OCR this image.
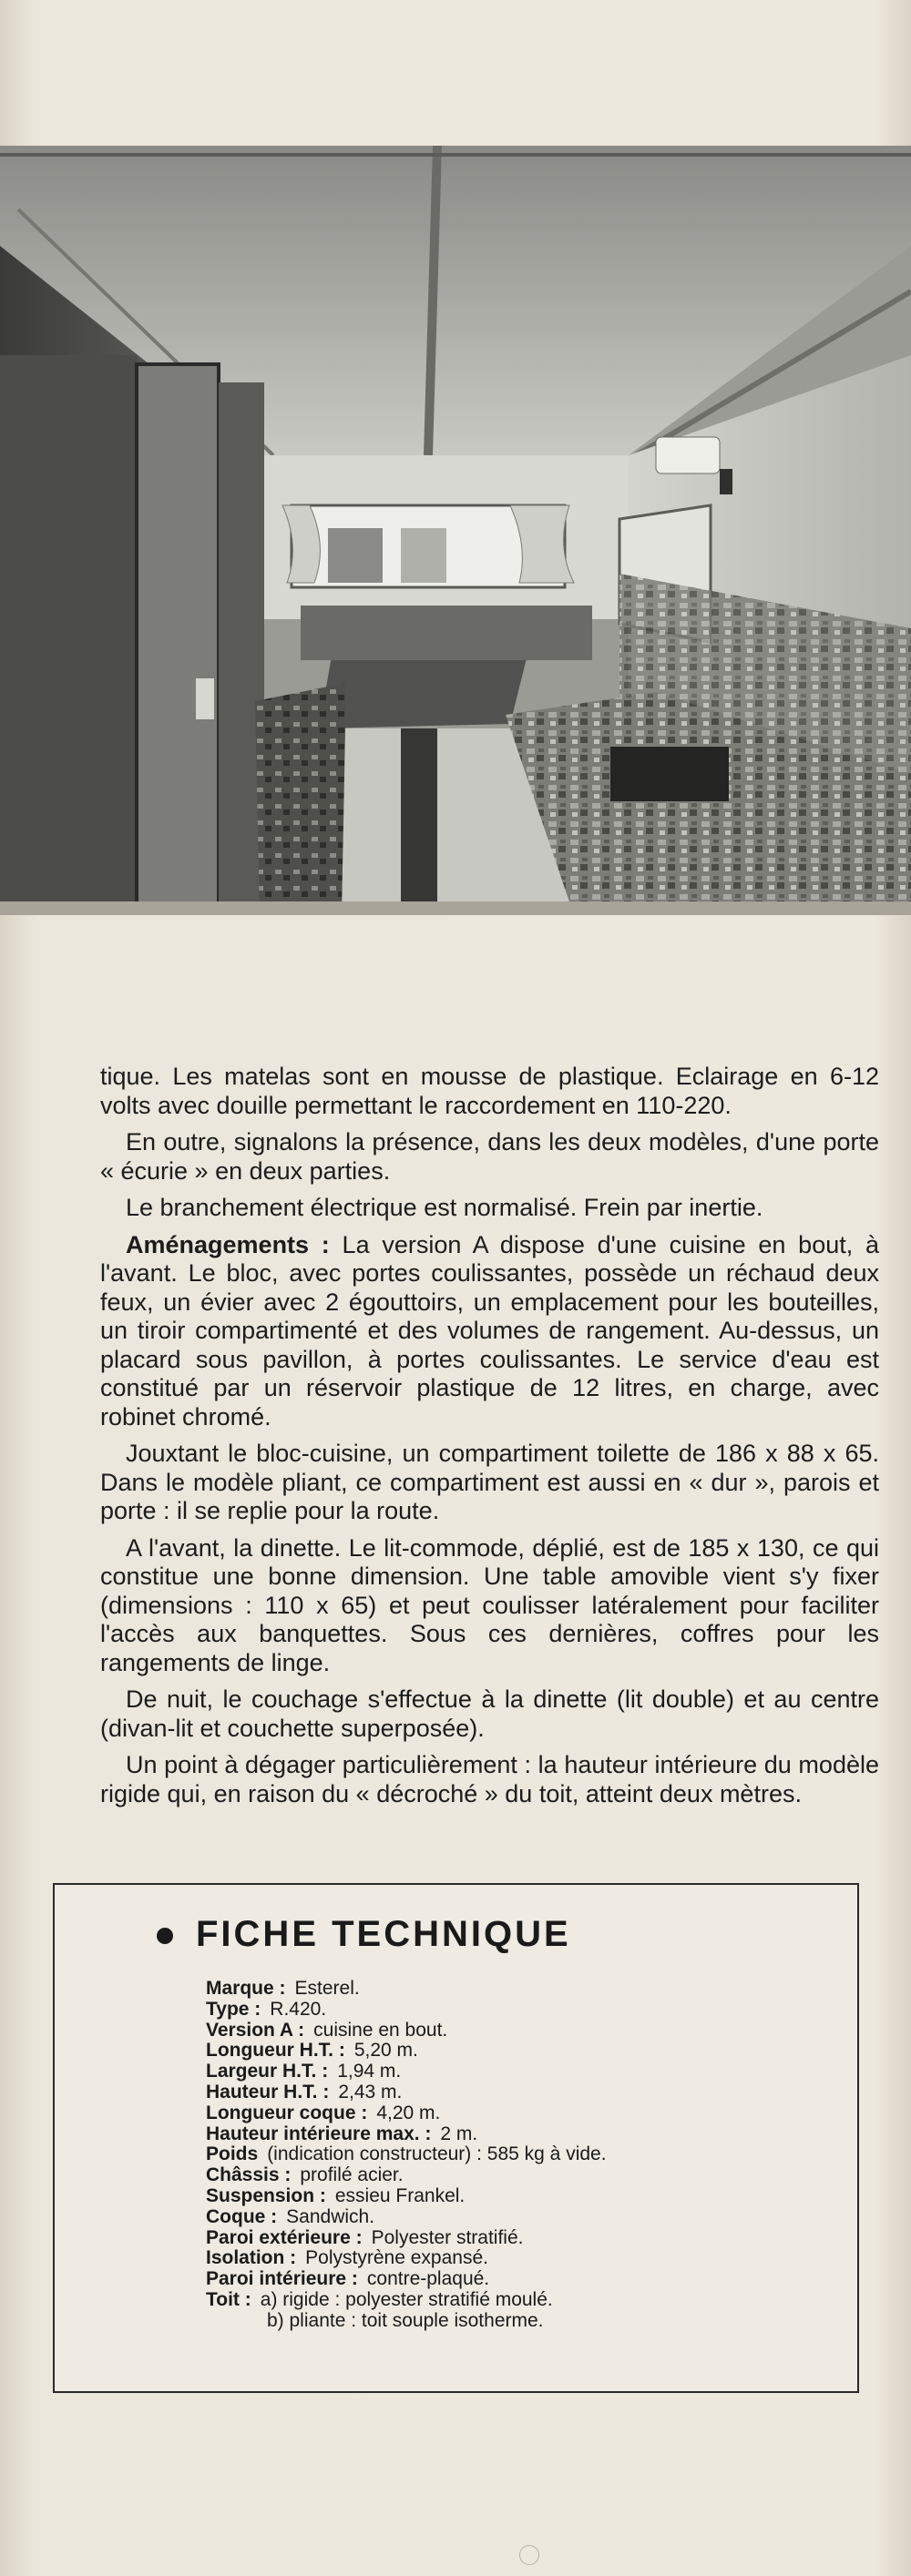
tique. Les matelas sont en mousse de plastique. Eclairage en 6-12 volts avec douille permettant le raccordement en 110-220.

En outre, signalons la présence, dans les deux modèles, d'une porte « écurie » en deux parties.

Le branchement électrique est normalisé. Frein par inertie.

Aménagements : La version A dispose d'une cuisine en bout, à l'avant. Le bloc, avec portes coulissantes, possède un réchaud deux feux, un évier avec 2 égouttoirs, un emplacement pour les bouteilles, un tiroir compartimenté et des volumes de rangement. Au-dessus, un placard sous pavillon, à portes coulissantes. Le service d'eau est constitué par un réservoir plastique de 12 litres, en charge, avec robinet chromé.

Jouxtant le bloc-cuisine, un compartiment toilette de 186 x 88 x 65. Dans le modèle pliant, ce compartiment est aussi en « dur », parois et porte : il se replie pour la route.

A l'avant, la dinette. Le lit-commode, déplié, est de 185 x 130, ce qui constitue une bonne dimension. Une table amovible vient s'y fixer (dimensions : 110 x 65) et peut coulisser latéralement pour faciliter l'accès aux banquettes. Sous ces dernières, coffres pour les rangements de linge.

De nuit, le couchage s'effectue à la dinette (lit double) et au centre (divan-lit et couchette superposée).

Un point à dégager particulièrement : la hauteur intérieure du modèle rigide qui, en raison du « décroché » du toit, atteint deux mètres.

FICHE TECHNIQUE
Marque : Esterel.
Type : R.420.
Version A : cuisine en bout.
Longueur H.T. : 5,20 m.
Largeur H.T. : 1,94 m.
Hauteur H.T. : 2,43 m.
Longueur coque : 4,20 m.
Hauteur intérieure max. : 2 m.
Poids (indication constructeur) : 585 kg à vide.
Châssis : profilé acier.
Suspension : essieu Frankel.
Coque : Sandwich.
Paroi extérieure : Polyester stratifié.
Isolation : Polystyrène expansé.
Paroi intérieure : contre-plaqué.
Toit : a) rigide : polyester stratifié moulé.
b) pliante : toit souple isotherme.
